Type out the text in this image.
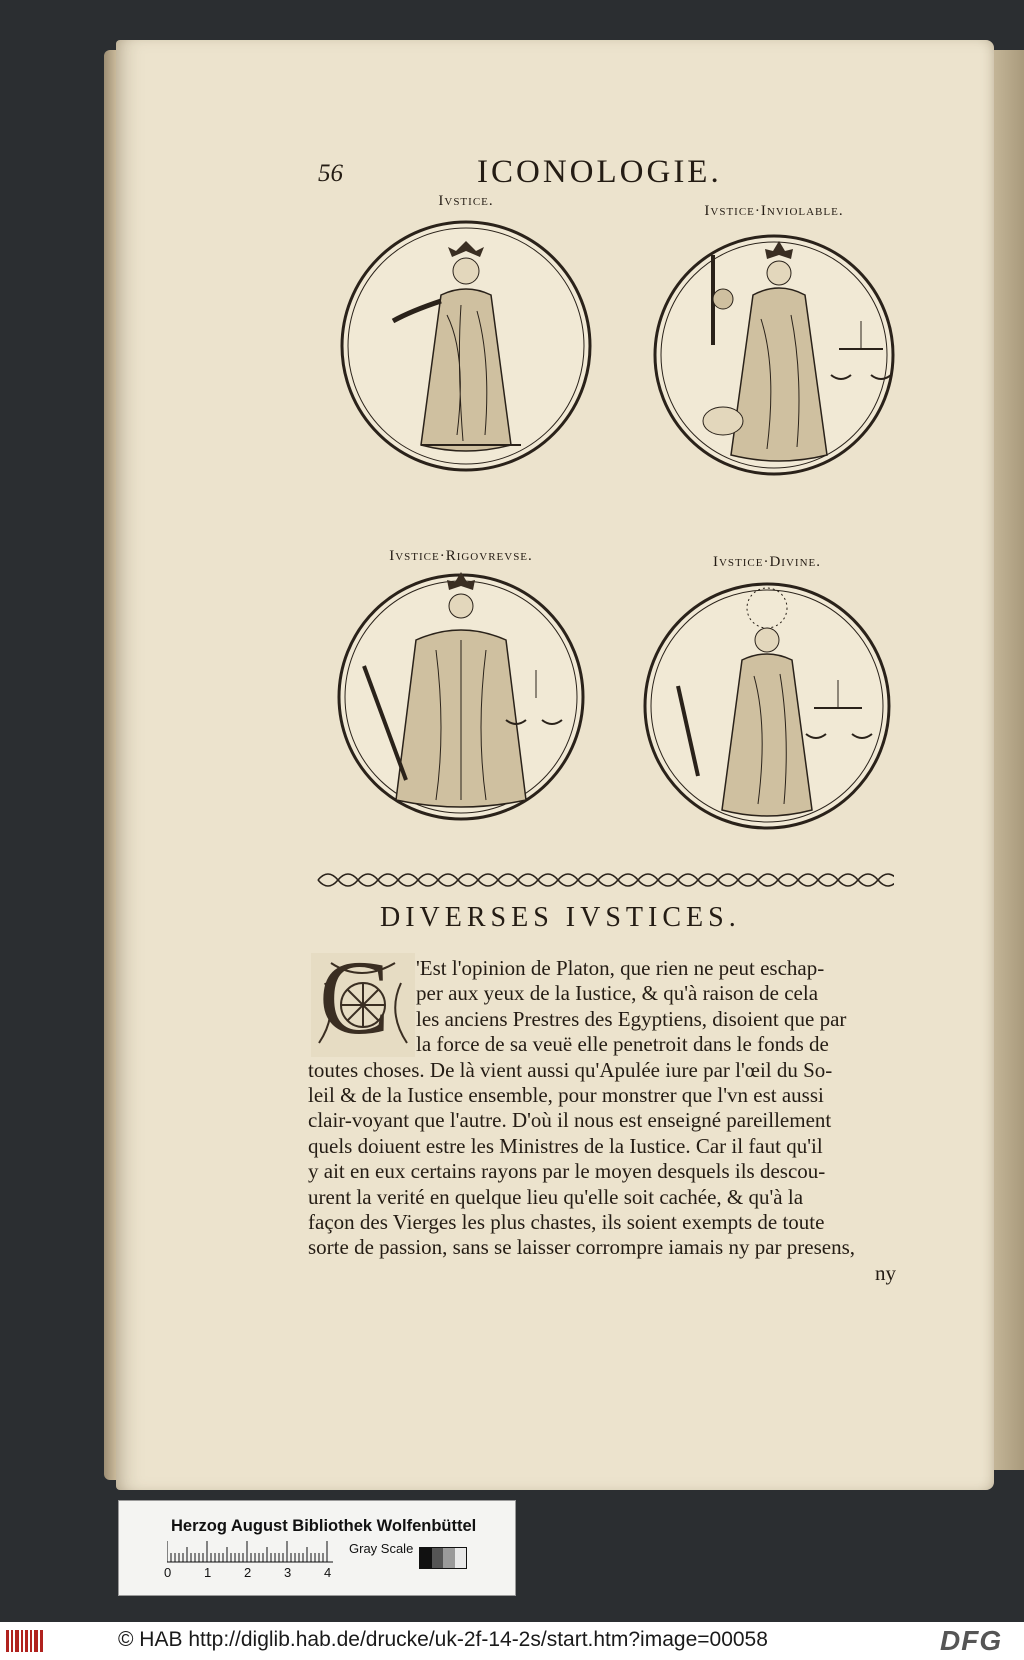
56	ICONOLOGIE.
Ivstice.
Ivstice·Inviolable.
Ivstice·Rigovrevse.	Ivstice·Divine.
DIVERSES IVSTICES.
C	'Est l'opinion de Platon, que rien ne peut eschap-
per aux yeux de la Iustice, & qu'à raison de cela
les anciens Prestres des Egyptiens, disoient que par
la force de sa veuë elle penetroit dans le fonds de
toutes choses. De là vient aussi qu'Apulée iure par l'œil du So-
leil & de la Iustice ensemble, pour monstrer que l'vn est aussi
clair-voyant que l'autre. D'où il nous est enseigné pareillement
quels doiuent estre les Ministres de la Iustice. Car il faut qu'il
y ait en eux certains rayons par le moyen desquels ils descou-
urent la verité en quelque lieu qu'elle soit cachée, & qu'à la
façon des Vierges les plus chastes, ils soient exempts de toute
sorte de passion, sans se laisser corrompre iamais ny par presens,
ny
Herzog August Bibliothek Wolfenbüttel
0	1	2	3	4
Gray Scale
© HAB http://diglib.hab.de/drucke/uk-2f-14-2s/start.htm?image=00058	DFG
